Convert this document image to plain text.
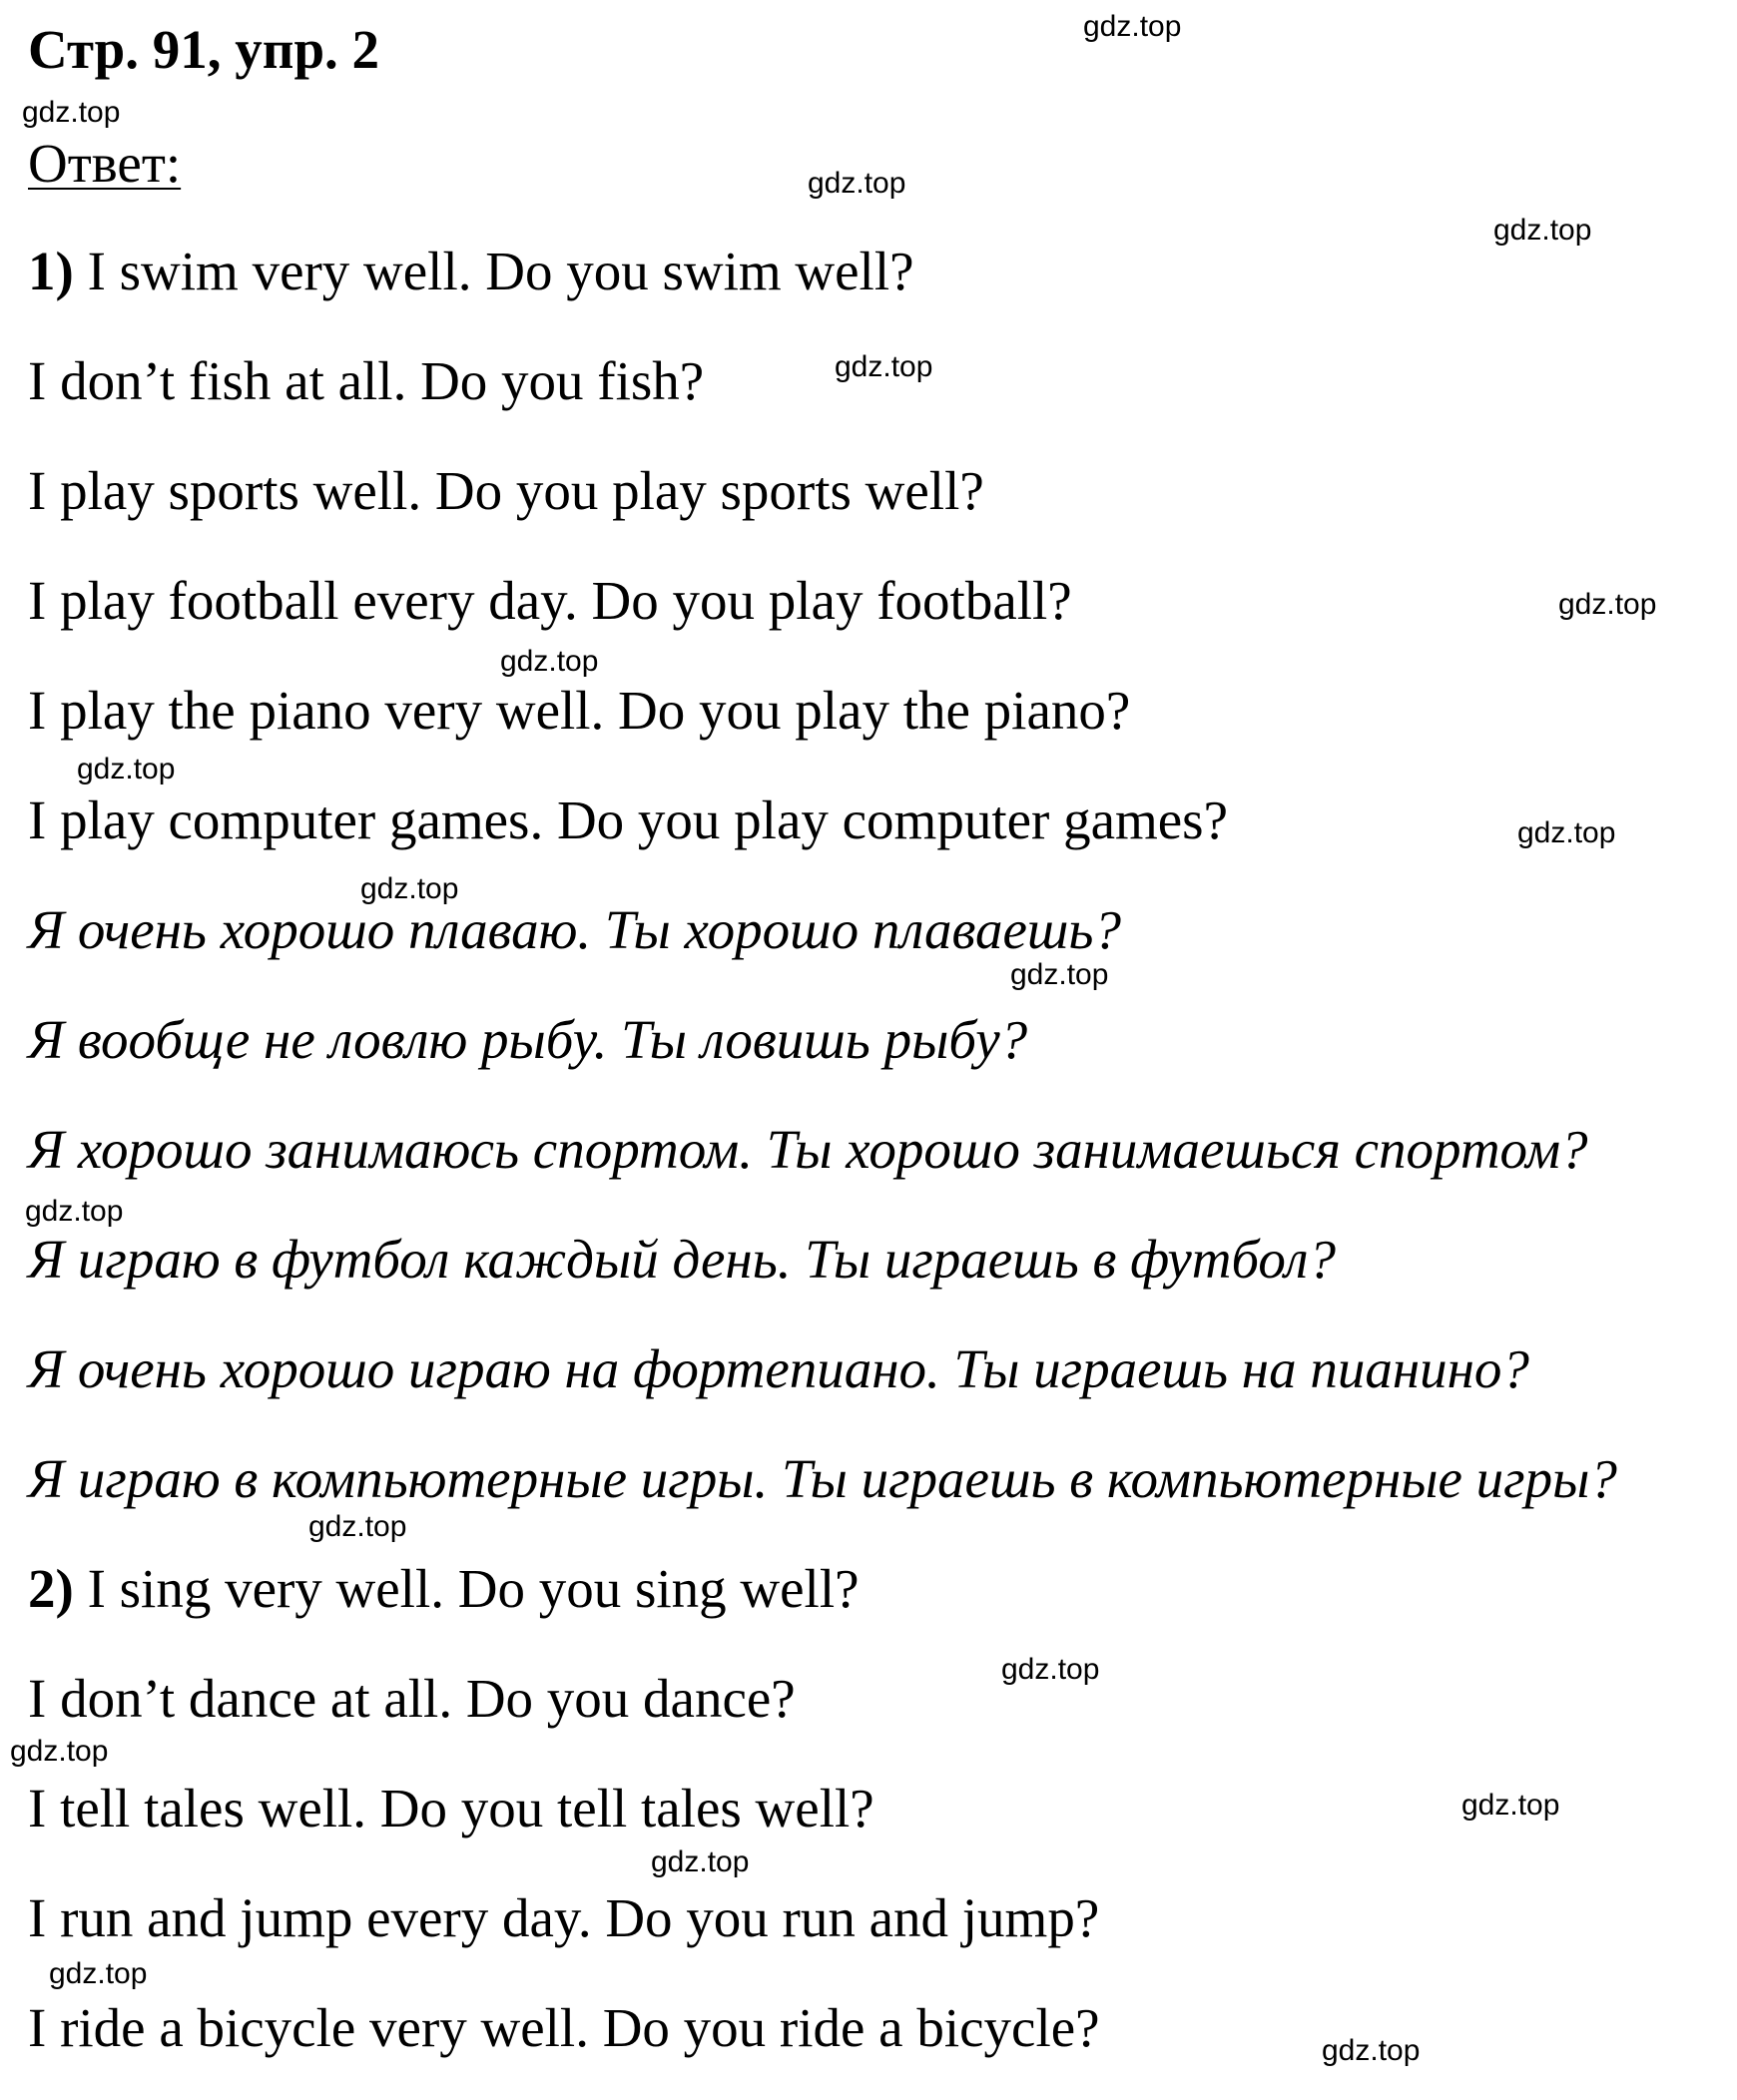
Стр. 91, упр. 2
Ответ:
1) I swim very well. Do you swim well?
I don’t fish at all. Do you fish?
I play sports well. Do you play sports well?
I play football every day. Do you play football?
I play the piano very well. Do you play the piano?
I play computer games. Do you play computer games?
Я очень хорошо плаваю. Ты хорошо плаваешь?
Я вообще не ловлю рыбу. Ты ловишь рыбу?
Я хорошо занимаюсь спортом. Ты хорошо занимаешься спортом?
Я играю в футбол каждый день. Ты играешь в футбол?
Я очень хорошо играю на фортепиано. Ты играешь на пианино?
Я играю в компьютерные игры. Ты играешь в компьютерные игры?
2) I sing very well. Do you sing well?
I don’t dance at all. Do you dance?
I tell tales well. Do you tell tales well?
I run and jump every day. Do you run and jump?
I ride a bicycle very well. Do you ride a bicycle?
gdz.top
gdz.top
gdz.top
gdz.top
gdz.top
gdz.top
gdz.top
gdz.top
gdz.top
gdz.top
gdz.top
gdz.top
gdz.top
gdz.top
gdz.top
gdz.top
gdz.top
gdz.top
gdz.top
